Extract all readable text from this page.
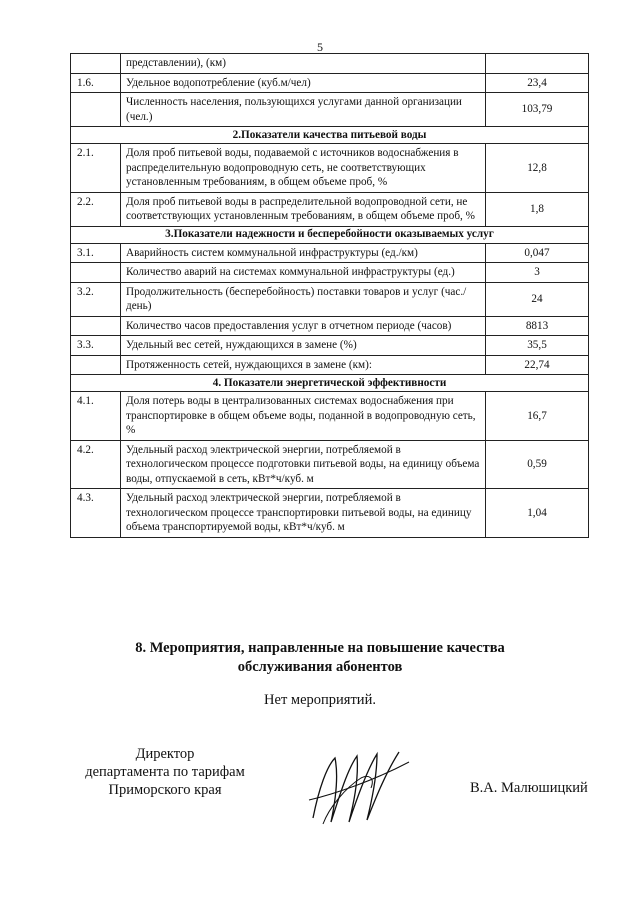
5
	представлении), (км)	
1.6.	Удельное водопотребление (куб.м/чел)	23,4
	Численность населения, пользующихся услугами данной организации (чел.)	103,79
2.Показатели качества питьевой воды		
2.1.	Доля проб питьевой воды, подаваемой с источников водоснабжения в распределительную водопроводную сеть, не соответствующих установленным требованиям, в общем объеме проб, %	12,8
2.2.	Доля проб питьевой воды в распределительной водопроводной сети, не соответствующих установленным требованиям, в общем объеме проб, %	1,8
3.Показатели надежности и бесперебойности оказываемых услуг		
3.1.	Аварийность систем коммунальной инфраструктуры (ед./км)	0,047
	Количество аварий на системах коммунальной инфраструктуры (ед.)	3
3.2.	Продолжительность (бесперебойность) поставки товаров и услуг (час./день)	24
	Количество часов предоставления услуг в отчетном периоде (часов)	8813
3.3.	Удельный вес сетей, нуждающихся в замене (%)	35,5
	Протяженность сетей, нуждающихся в замене (км):	22,74
4. Показатели энергетической эффективности		
4.1.	Доля потерь воды в централизованных системах водоснабжения при транспортировке в общем объеме воды, поданной в водопроводную сеть, %	16,7
4.2.	Удельный расход электрической энергии, потребляемой в технологическом процессе подготовки питьевой воды, на единицу объема воды, отпускаемой в сеть, кВт*ч/куб. м	0,59
4.3.	Удельный расход электрической энергии, потребляемой в технологическом процессе транспортировки питьевой воды, на единицу объема транспортируемой воды, кВт*ч/куб. м	1,04
8. Мероприятия, направленные на повышение качества
обслуживания абонентов
Нет мероприятий.
Директор
департамента по тарифам
Приморского края	В.А. Малюшицкий
